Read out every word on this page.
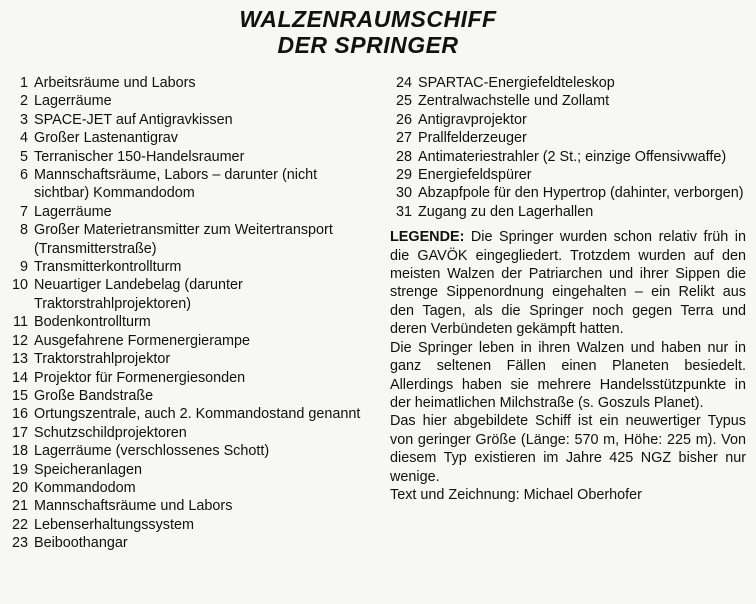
WALZENRAUMSCHIFF
DER SPRINGER
1 Arbeitsräume und Labors
2 Lagerräume
3 SPACE-JET auf Antigravkissen
4 Großer Lastenantigrav
5 Terranischer 150-Handelsraumer
6 Mannschaftsräume, Labors – darunter (nicht sichtbar) Kommandodom
7 Lagerräume
8 Großer Materietransmitter zum Weitertransport (Transmitterstraße)
9 Transmitterkontrollturm
10 Neuartiger Landebelag (darunter Traktorstrahlprojektoren)
11 Bodenkontrollturm
12 Ausgefahrene Formenergierampe
13 Traktorstrahlprojektor
14 Projektor für Formenergiesonden
15 Große Bandstraße
16 Ortungszentrale, auch 2. Kommandostand genannt
17 Schutzschildprojektoren
18 Lagerräume (verschlossenes Schott)
19 Speicheranlagen
20 Kommandodom
21 Mannschaftsräume und Labors
22 Lebenserhaltungssystem
23 Beiboothangar
24 SPARTAC-Energiefeldteleskop
25 Zentralwachstelle und Zollamt
26 Antigravprojektor
27 Prallfelderzeuger
28 Antimateriestrahler (2 St.; einzige Offensivwaffe)
29 Energiefeldspürer
30 Abzapfpole für den Hypertrop (dahinter, verborgen)
31 Zugang zu den Lagerhallen

LEGENDE: Die Springer wurden schon relativ früh in die GAVÖK eingegliedert. Trotzdem wurden auf den meisten Walzen der Patriarchen und ihrer Sippen die strenge Sippenordnung eingehalten – ein Relikt aus den Tagen, als die Springer noch gegen Terra und deren Verbündeten gekämpft hatten.

Die Springer leben in ihren Walzen und haben nur in ganz seltenen Fällen einen Planeten besiedelt. Allerdings haben sie mehrere Handelsstützpunkte in der heimatlichen Milchstraße (s. Goszuls Planet).

Das hier abgebildete Schiff ist ein neuwertiger Typus von geringer Größe (Länge: 570 m, Höhe: 225 m). Von diesem Typ existieren im Jahre 425 NGZ bisher nur wenige.

Text und Zeichnung: Michael Oberhofer
